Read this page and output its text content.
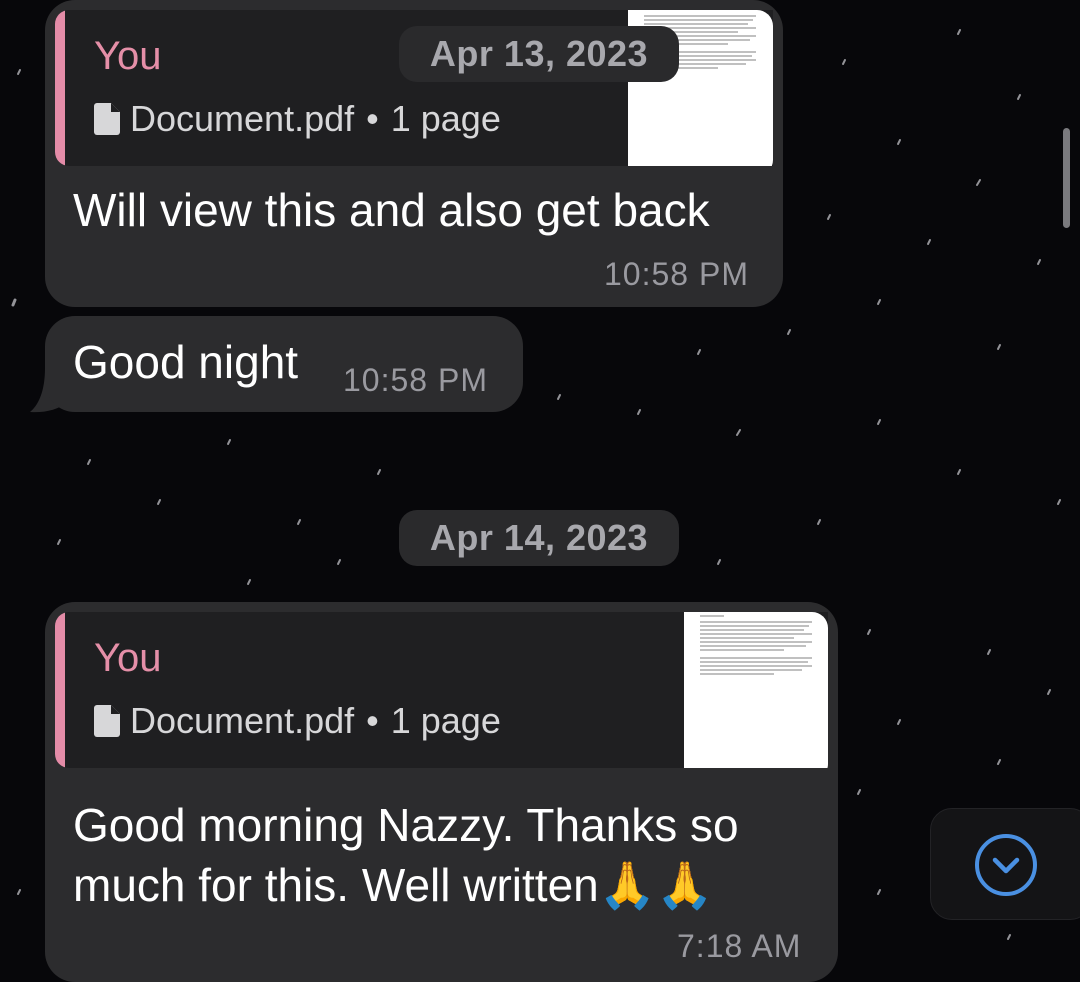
You
Document.pdf • 1 page
Will view this and also get back
10:58 PM
Apr 13, 2023
Good night 10:58 PM
Apr 14, 2023
You
Document.pdf • 1 page
Good morning Nazzy. Thanks so
much for this. Well written🙏🙏
7:18 AM
